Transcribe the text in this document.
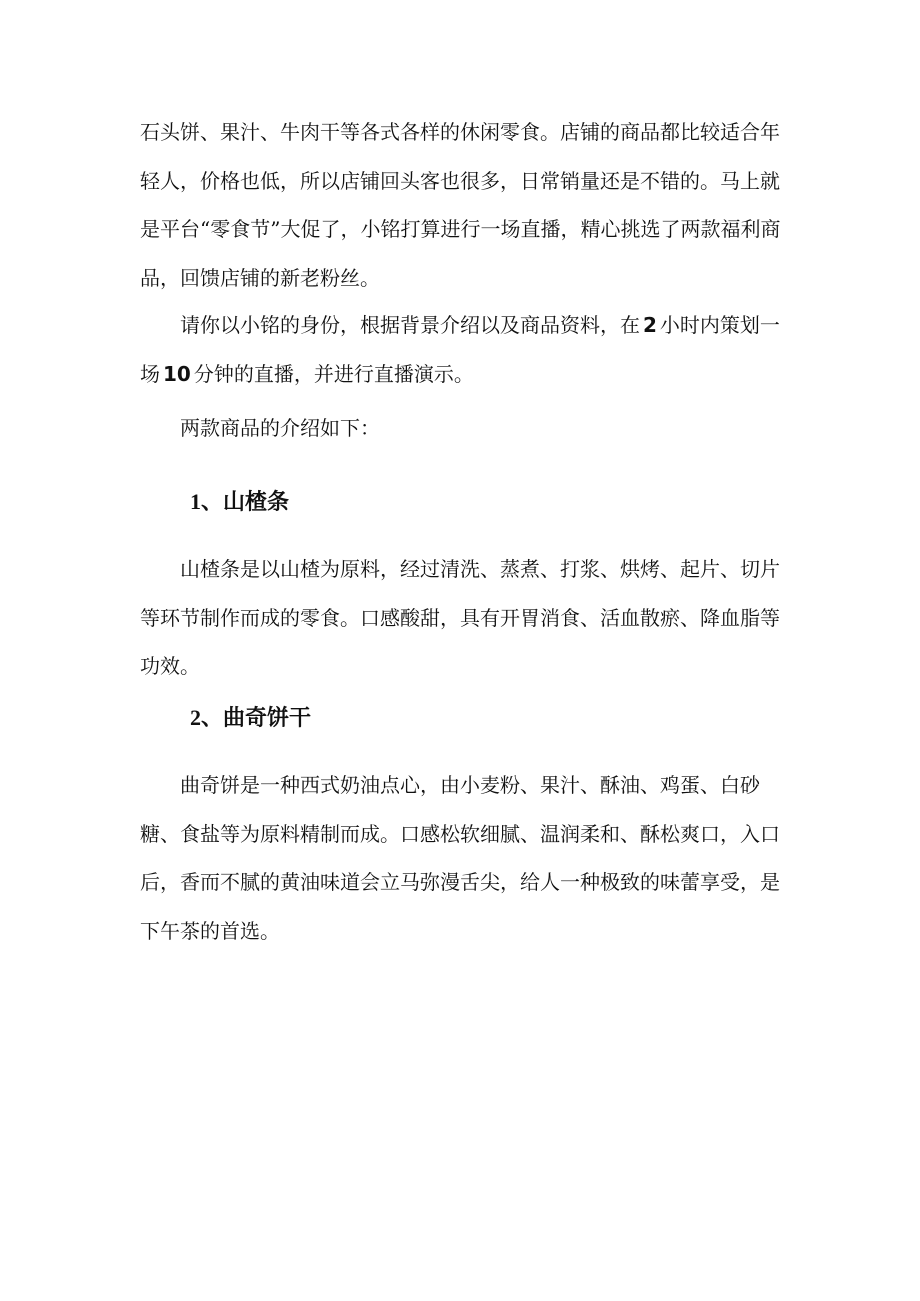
石头饼、果汁、牛肉干等各式各样的休闲零食。店铺的商品都比较适合年轻人，价格也低，所以店铺回头客也很多，日常销量还是不错的。马上就是平台“零食节”大促了，小铭打算进行一场直播，精心挑选了两款福利商品，回馈店铺的新老粉丝。

请你以小铭的身份，根据背景介绍以及商品资料，在 2 小时内策划一场 10 分钟的直播，并进行直播演示。

两款商品的介绍如下：

1、山楂条

山楂条是以山楂为原料，经过清洗、蒸煮、打浆、烘烤、起片、切片等环节制作而成的零食。口感酸甜，具有开胃消食、活血散瘀、降血脂等功效。

2、曲奇饼干

曲奇饼是一种西式奶油点心，由小麦粉、果汁、酥油、鸡蛋、白砂糖、食盐等为原料精制而成。口感松软细腻、温润柔和、酥松爽口，入口后，香而不腻的黄油味道会立马弥漫舌尖，给人一种极致的味蕾享受，是下午茶的首选。
